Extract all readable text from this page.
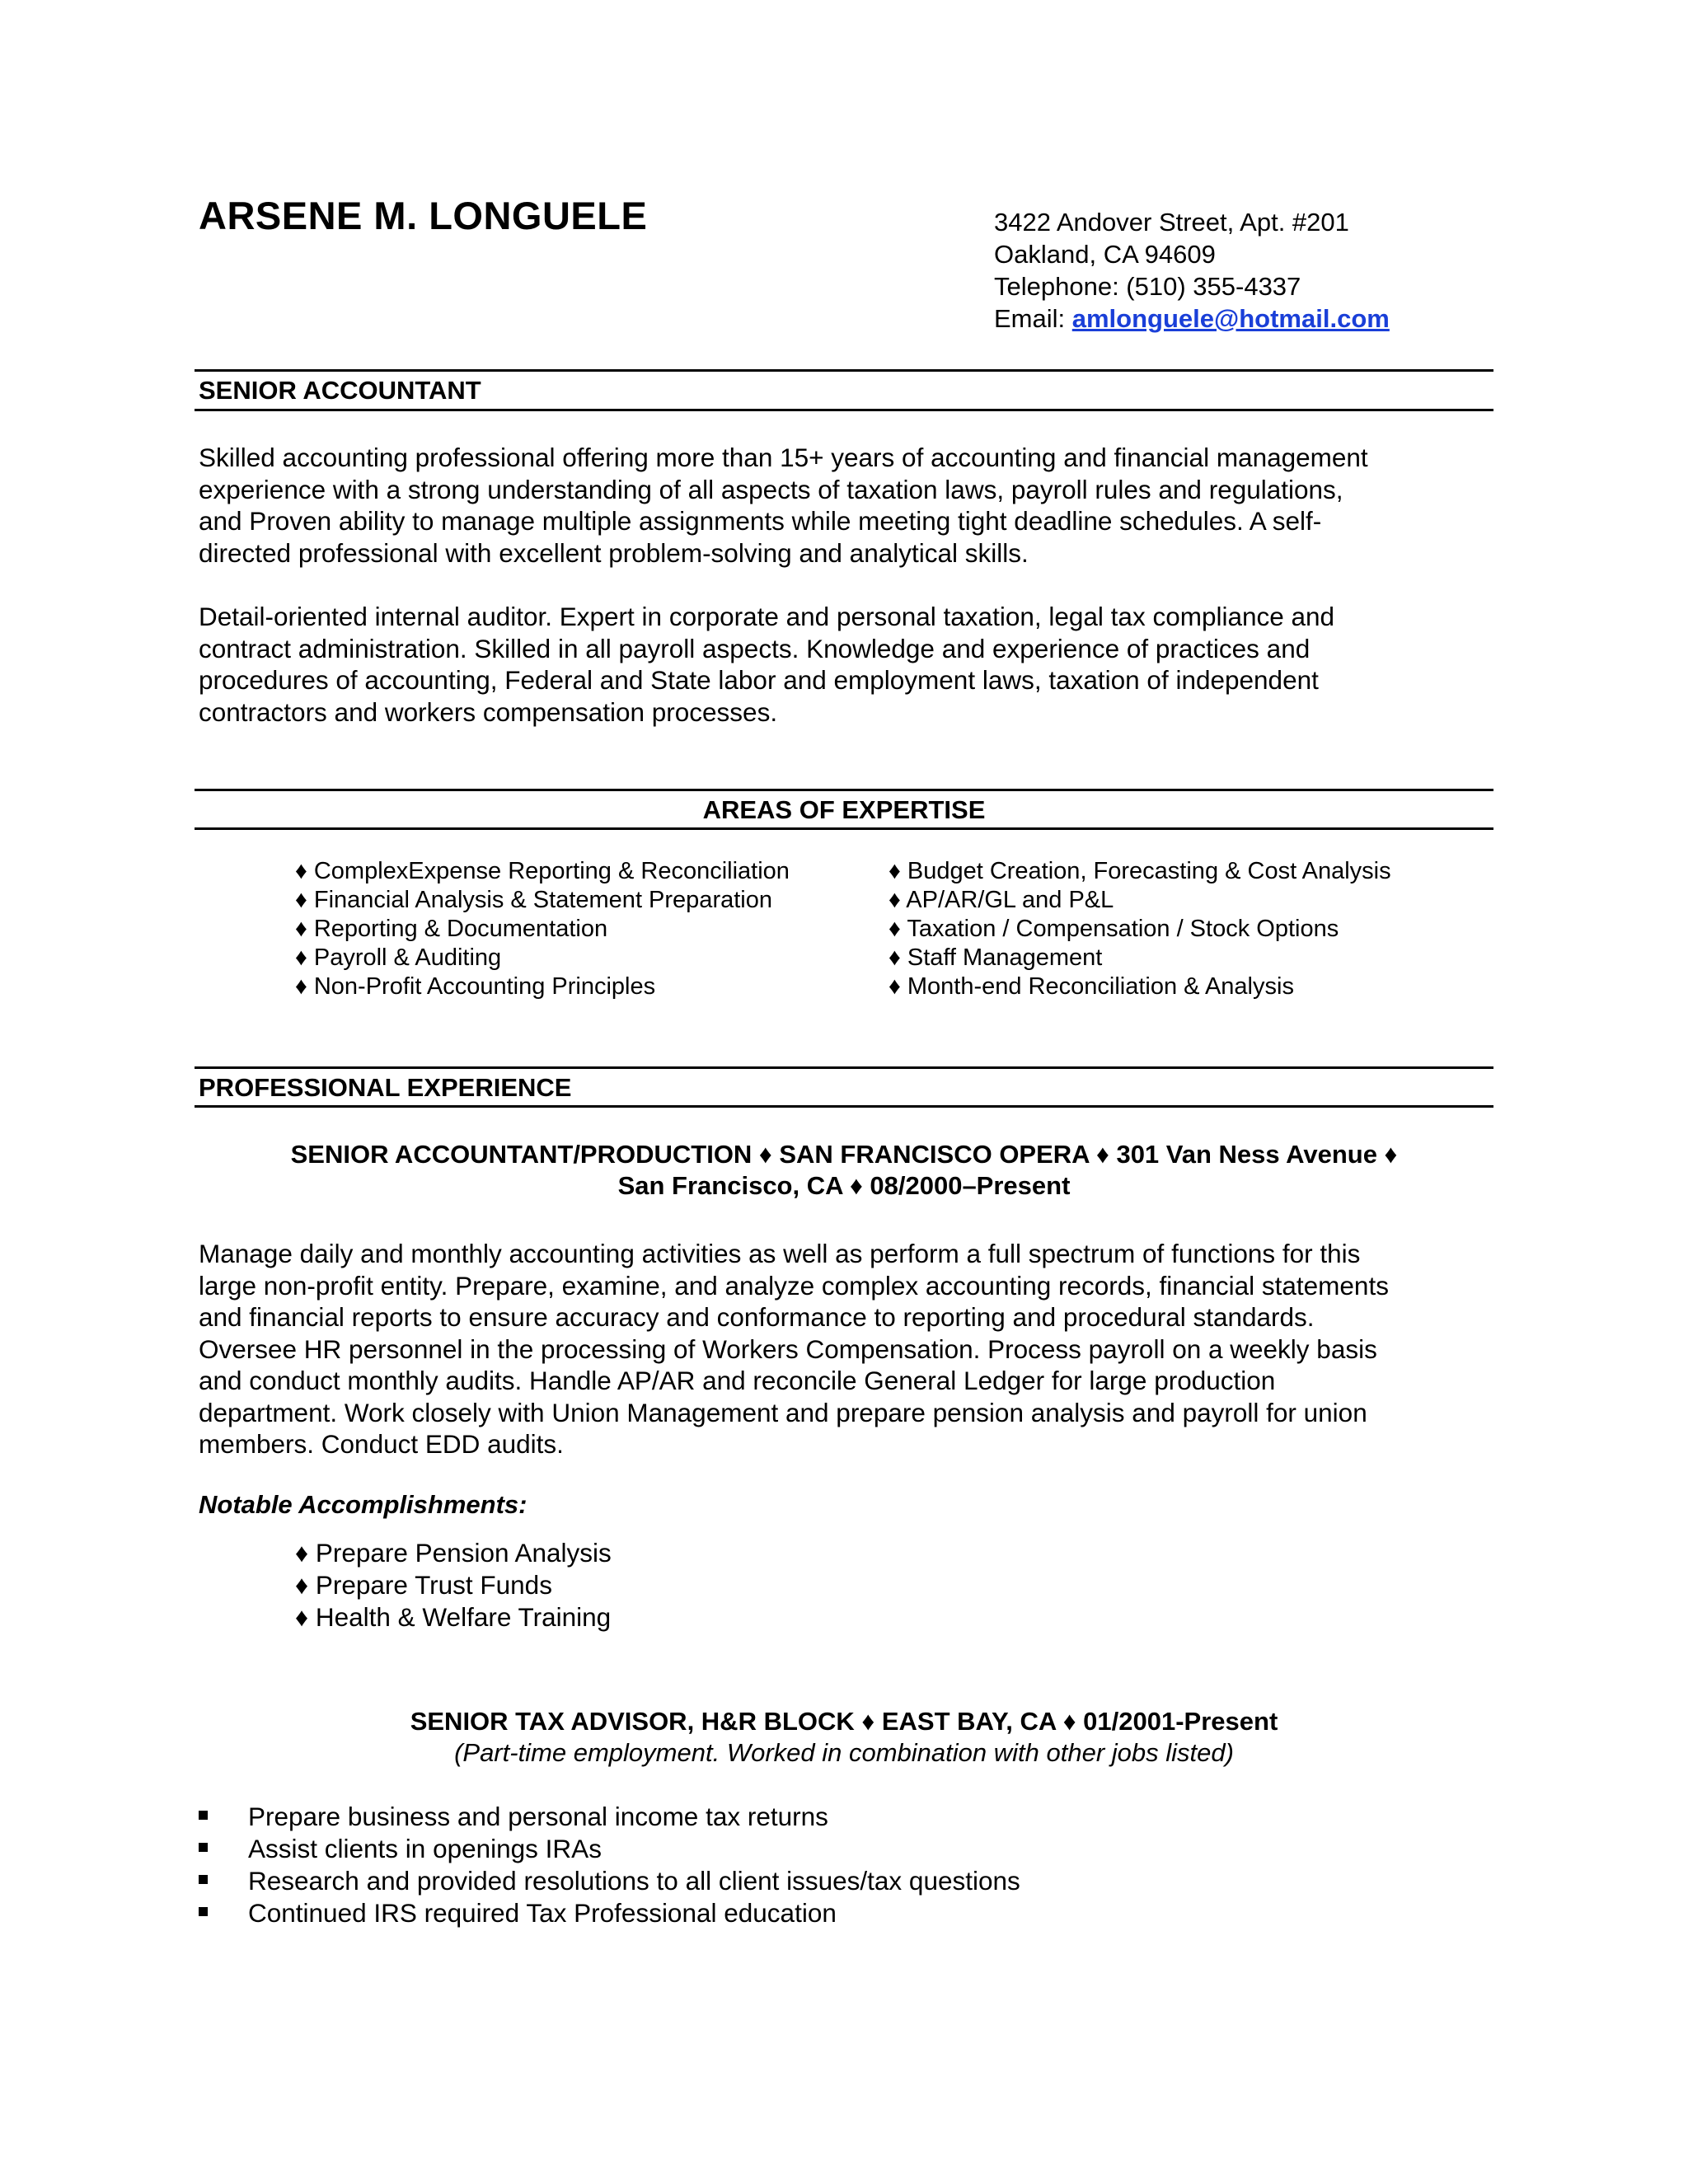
ARSENE M. LONGUELE	3422 Andover Street, Apt. #201
Oakland, CA 94609
Telephone: (510) 355-4337
Email: amlonguele@hotmail.com
SENIOR ACCOUNTANT
Skilled accounting professional offering more than 15+ years of accounting and financial management
experience with a strong understanding of all aspects of taxation laws, payroll rules and regulations,
and Proven ability to manage multiple assignments while meeting tight deadline schedules. A self-
directed professional with excellent problem-solving and analytical skills.
Detail-oriented internal auditor. Expert in corporate and personal taxation, legal tax compliance and
contract administration. Skilled in all payroll aspects. Knowledge and experience of practices and
procedures of accounting, Federal and State labor and employment laws, taxation of independent
contractors and workers compensation processes.
AREAS OF EXPERTISE
♦ ComplexExpense Reporting & Reconciliation
♦ Financial Analysis & Statement Preparation
♦ Reporting & Documentation
♦ Payroll & Auditing
♦ Non-Profit Accounting Principles
♦ Budget Creation, Forecasting & Cost Analysis
♦ AP/AR/GL and P&L
♦ Taxation / Compensation / Stock Options
♦ Staff Management
♦ Month-end Reconciliation & Analysis
PROFESSIONAL EXPERIENCE
SENIOR ACCOUNTANT/PRODUCTION ♦ SAN FRANCISCO OPERA ♦ 301 Van Ness Avenue ♦
San Francisco, CA ♦ 08/2000–Present
Manage daily and monthly accounting activities as well as perform a full spectrum of functions for this
large non-profit entity. Prepare, examine, and analyze complex accounting records, financial statements
and financial reports to ensure accuracy and conformance to reporting and procedural standards.
Oversee HR personnel in the processing of Workers Compensation. Process payroll on a weekly basis
and conduct monthly audits. Handle AP/AR and reconcile General Ledger for large production
department. Work closely with Union Management and prepare pension analysis and payroll for union
members. Conduct EDD audits.
Notable Accomplishments:
♦ Prepare Pension Analysis
♦ Prepare Trust Funds
♦ Health & Welfare Training
SENIOR TAX ADVISOR, H&R BLOCK ♦ EAST BAY, CA ♦ 01/2001-Present
(Part-time employment. Worked in combination with other jobs listed)
Prepare business and personal income tax returns
Assist clients in openings IRAs
Research and provided resolutions to all client issues/tax questions
Continued IRS required Tax Professional education
